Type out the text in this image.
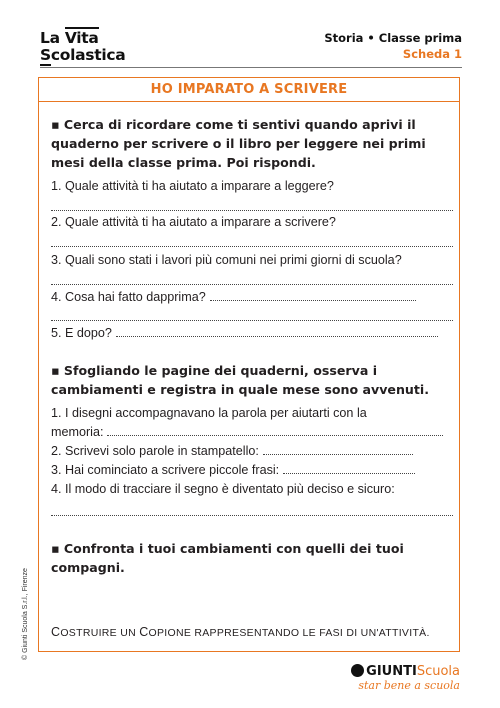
La Vita
Scolastica
Storia • Classe prima
Scheda 1
HO IMPARATO A SCRIVERE
▪ Cerca di ricordare come ti sentivi quando aprivi il quaderno per scrivere o il libro per leggere nei primi mesi della classe prima. Poi rispondi.
1. Quale attività ti ha aiutato a imparare a leggere?
2. Quale attività ti ha aiutato a imparare a scrivere?
3. Quali sono stati i lavori più comuni nei primi giorni di scuola?
4. Cosa hai fatto dapprima?
5. E dopo?
▪ Sfogliando le pagine dei quaderni, osserva i cambiamenti e registra in quale mese sono avvenuti.
1. I disegni accompagnavano la parola per aiutarti con la
memoria:
2. Scrivevi solo parole in stampatello:
3. Hai cominciato a scrivere piccole frasi:
4. Il modo di tracciare il segno è diventato più deciso e sicuro:
▪ Confronta i tuoi cambiamenti con quelli dei tuoi compagni.
COSTRUIRE UN COPIONE RAPPRESENTANDO LE FASI DI UN'ATTIVITÀ.
© Giunti Scuola S.r.l., Firenze
GIUNTIScuola
star bene a scuola
